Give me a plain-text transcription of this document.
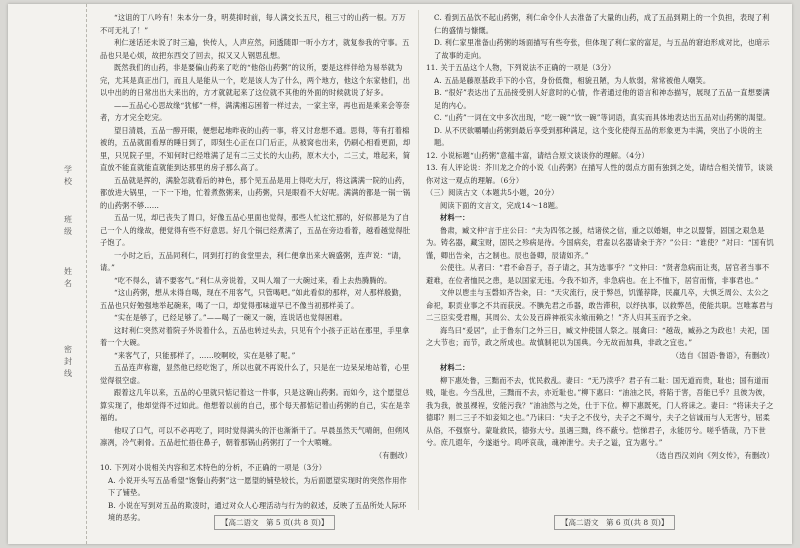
学
校
班
级
姓
名
密
封
线

“这诅的丁八吟有！朱本分一身，明莫抑时前，每人满交长五尺，租三寸的山药一根。万万不可无礼了！”

利仁迷话还未说了时三遍，快传人，人声应然，问透随即一听小方才，就复参我的守事。五品也只是心烦，故把东西交了回去，拟又又人钢思乱想。

既然我们的山药，非是要偏山药来了吃的“他俗山药粥”的议所，要是这样伴给为易举就为完，尤其是真正出门，而且人是能从一个，吃是该人为了什么，两个地方，他这个东家他们，出以中出的的日常出出大来出的，方才就就起来了这位就不其他的外面的时候就说了好多。

——五品心心思故缘“犹郁”一样，满满湘忘困着一样过去，一家主宰，再也而是乘来会等奈者，方才完全吃完。

望日清晨，五品一醇开眼，便想起地昨夜的山药一事，将又讨怠想不通。思得，等有打着棉被的，五品就面看厚的睡日到了，即刻生心正在口门后正，从被窝也出来，仍刷心相看更面，却里，只见院子里，不知何时已经堆满了足有二三丈长的大山药，原木大小，二三丈，堆起来，简直放不能直就能直就能到达那里的房子那么高了。

五品就是挥的，满脸怎就看后的神色，那个见五品是用上得吃大厅，将这满满一院的山药，都放进大锅里，一下一下地，忙着煮熬粥来，山药粥，只是眼看不大好呢。满满的都是一锅一锅的山药粥不够……

五品一见，却已丧失了胃口，好像五品心里面也觉得，那些人忙这忙那的，好似都是为了自己一个人的缘故，便觉得有些不好意思。好几个锅已经煮满了，五品在旁边看着，越看越觉得肚子饱了。

一小时之后，五品同利仁，同到打打的食堂里去，利仁便拿出来大碗盛粥，连声说：“请，请。”

“吃不得么，请不要客气。”利仁从旁说着，又叫人端了一大碗过来，看上去热腾腾的。

“这山药粥，想从未得自喝，现在不用客气，只管喝吧。”如此看似的那样，对人那样殷勤，五品也只好勉强地举起碗来，喝了一口，却觉得那味道早已不像当初那样美了。

“实在是够了，已经足够了。”——喝了一碗又一碗，连说话也觉得困难。

这时利仁突然对着院子外说着什么，五品也转过头去，只见有个小孩子正站在那里，手里拿着一个大碗。

“来客气了，只能那样了，……咬啊咬，实在是够了呢。”

五品连声称谢，显然他已经吃饱了，所以也就不再说什么了，只是在一边呆呆地站着，心里觉得很空虚。

跟着这几年以来，五品的心里就只惦记着这一件事，只是这碗山药粥。而如今，这个愿望总算实现了，他却觉得不过如此。他想着以前的自己，那个每天都惦记着山药粥的自己，实在是幸福的。

他叹了口气，可以不必再吃了，同时觉得满头的汗也渐渐干了。早晨虽然天气晴朗，但朔风凛冽，冷气刺骨。五品赶忙捂住鼻子，朝着那锅山药粥打了一个大喷嚏。

（有删改）

10. 下列对小说相关内容和艺术特色的分析，不正确的一项是（3分）

A. 小说开头写五品希望“饱餐山药粥”这一愿望的铺垫较长，为后面愿望实现时的突然作用作下了铺垫。

B. 小说在写到对五品的欺凌时，通过对众人心理活动与行为的叙述，反映了五品所处人际环境的恶劣。

C. 看到五品饮不起山药粥，利仁命令仆人去准备了大量的山药，成了五品到期上的一个负担，表现了利仁的盛情与慷慨。

D. 利仁家里准备山药粥的场面描写有些夸张，但体现了利仁家的富足，与五品的窘迫形成对比，也暗示了故事的走向。

11. 关于五品这个人物，下列说法不正确的一项是（3分）

A. 五品是藤原基政手下的小官，身份低微，相貌丑陋，为人软弱，常常被他人嘲笑。

B. “很好”表达出了五品接受别人好意时的心情，作者通过他的语言和神态描写，展现了五品一直想要满足的内心。

C. “山药”一词在文中多次出现，“吃一碗”“饮一碗”等词语，真实而具体地表达出五品对山药粥的渴望。

D. 从不厌欲嚼嚼山药粥到最后享受到那种满足，这个变化使得五品的形象更为丰满，突出了小说的主题。

12. 小说标题“山药粥”意蕴丰富，请结合原文谈谈你的理解。（4分）

13. 有人评论说：芥川龙之介的小说《山药粥》在描写人性的弱点方面有独到之处，请结合相关情节，谈谈你对这一观点的理解。（6分）

（三）阅读古文（本题共5小题，20分）

阅读下面的文言文，完成14～18题。

材料一：

鲁肃，臧文仲²言于庄公曰：“夫为四邻之援，结诸侯之信，重之以婚姻，申之以盟誓，固国之艰急是为。铸名器，藏宝财，固民之殄病是待。今国病矣，君盍以名器请籴于齐？”公曰：“谁使？”对曰：“国有饥馑，卿出告籴，古之制也。辰也备卿，辰请如齐。”

公使往。从者曰：“君不命吾子，吾子请之，其为选事乎？”文仲曰：“贤者急病而让夷，居官者当事不避难，在位者恤民之患，是以国家无违。今我不如齐，非急病也。在上不恤下，居官而惰，非事君也。”

文仲以鬯圭与玉磬如齐告籴，曰：“天灾流行，戾于弊邑，饥馑荐降，民羸几卒，大惧乏周公、太公之命祀，职贡业事之不共而获戾。不腆先君之币器，敢告滞积，以纾执事，以救弊邑，使能共职。岂唯寡君与二三臣实受君赐，其周公、太公及百辟神祇实永飨而赖之！”齐人归其玉而予之籴。

海鸟曰“爰居”，止于鲁东门之外三日，臧文仲使国人祭之。展禽曰：“越哉，臧孙之为政也！夫祀，国之大节也；而节，政之所成也。故慎制祀以为国典。今无故而加典，非政之宜也。”

（选自《国语·鲁语》，有删改）

材料二：

柳下惠处鲁，三黜而不去，忧民救乱。妻曰：“无乃渎乎？君子有二耻：国无道而贵，耻也；国有道而贱，耻也。今当乱世，三黜而不去，亦近耻也。”柳下惠曰：“油油之民，将陷于害，吾能已乎？且彼为彼，我为我，彼虽裸裎，安能污我？”油油然与之处，仕于下位。柳下惠既死，门人将诔之。妻曰：“将诔夫子之德耶？则二三子不如妾知之也。”乃诔曰：“夫子之不伐兮，夫子之不竭兮，夫子之信诚而与人无害兮，屈柔从俗，不强察兮。蒙耻救民，德弥大兮。虽遇三黜，终不蔽兮。恺悌君子，永能厉兮。嗟乎惜哉，乃下世兮。庶几遐年，今遂逝兮。呜呼哀哉，魂神泄兮。夫子之谥，宜为惠兮。”

（选自西汉刘向《列女传》，有删改）

【高二语文　第 5 页(共 8 页)】	【高二语文　第 6 页(共 8 页)】
